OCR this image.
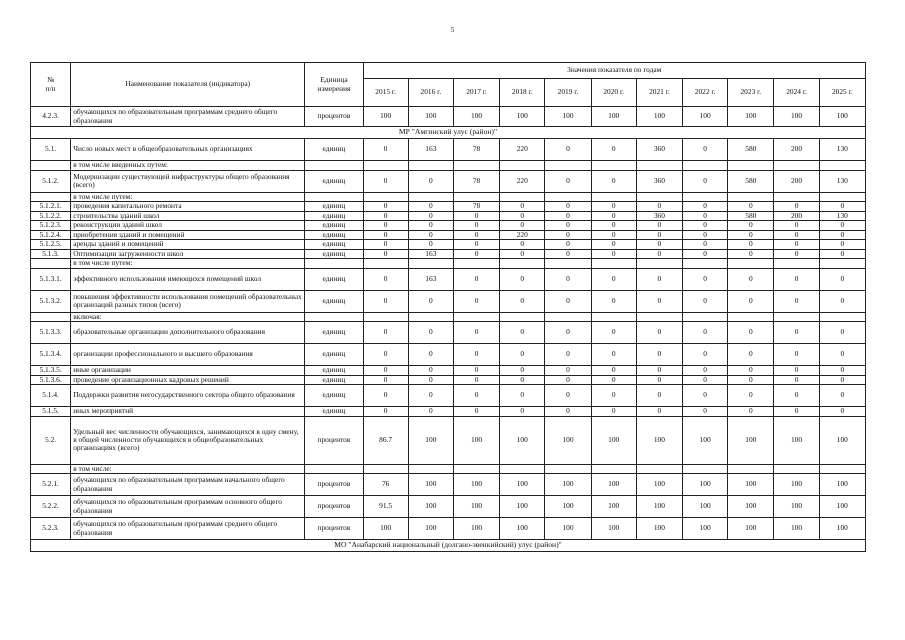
5
№
п/п	Наименование показателя (индикатора)	Единица измерения	Значения показателя по годам										
			2015 г.	2016 г.	2017 г.	2018 г.	2019 г.	2020 г.	2021 г.	2022 г.	2023 г.	2024 г.	2025 г.
4.2.3.	обучающихся по образовательным программам среднего общего образования	процентов	100	100	100	100	100	100	100	100	100	100	100
МР "Амгинский улус (район)"													
5.1.	Число новых мест в общеобразовательных организациях	единиц	0	163	78	220	0	0	360	0	580	200	130
	в том числе введенных путем:												
5.1.2.	Модернизации существующей инфраструктуры общего образования (всего)	единиц	0	0	78	220	0	0	360	0	580	200	130
	в том числе путем:												
5.1.2.1.	проведения капитального ремонта	единиц	0	0	78	0	0	0	0	0	0	0	0
5.1.2.2.	строительства зданий школ	единиц	0	0	0	0	0	0	360	0	580	200	130
5.1.2.3.	реконструкции зданий школ	единиц	0	0	0	0	0	0	0	0	0	0	0
5.1.2.4.	приобретения зданий и помещений	единиц	0	0	0	220	0	0	0	0	0	0	0
5.1.2.5.	аренды зданий и помещений	единиц	0	0	0	0	0	0	0	0	0	0	0
5.1.3.	Оптимизации загруженности школ	единиц	0	163	0	0	0	0	0	0	0	0	0
	в том числе путем:												
5.1.3.1.	эффективного использования имеющихся помещений школ	единиц	0	163	0	0	0	0	0	0	0	0	0
5.1.3.2.	повышения эффективности использования помещений образовательных организаций разных типов (всего)	единиц	0	0	0	0	0	0	0	0	0	0	0
	включая:												
5.1.3.3.	образовательные организации дополнительного образования	единиц	0	0	0	0	0	0	0	0	0	0	0
5.1.3.4.	организации профессионального и высшего образования	единиц	0	0	0	0	0	0	0	0	0	0	0
5.1.3.5.	иные организации	единиц	0	0	0	0	0	0	0	0	0	0	0
5.1.3.6.	проведение организационных кадровых решений	единиц	0	0	0	0	0	0	0	0	0	0	0
5.1.4.	Поддержки развития негосударственного сектора общего образования	единиц	0	0	0	0	0	0	0	0	0	0	0
5.1.5.	иных мероприятий	единиц	0	0	0	0	0	0	0	0	0	0	0
5.2.	Удельный вес численности обучающихся, занимающихся в одну смену, в общей численности обучающихся в общеобразовательных организациях (всего)	процентов	86.7	100	100	100	100	100	100	100	100	100	100
	в том числе:												
5.2.1.	обучающихся по образовательным программам начального общего образования	процентов	76	100	100	100	100	100	100	100	100	100	100
5.2.2.	обучающихся по образовательным программам основного общего образования	процентов	91.5	100	100	100	100	100	100	100	100	100	100
5.2.3.	обучающихся по образовательным программам среднего общего образования	процентов	100	100	100	100	100	100	100	100	100	100	100
МО "Анабарский национальный (долгано-эвенкийский) улус (район)"													
